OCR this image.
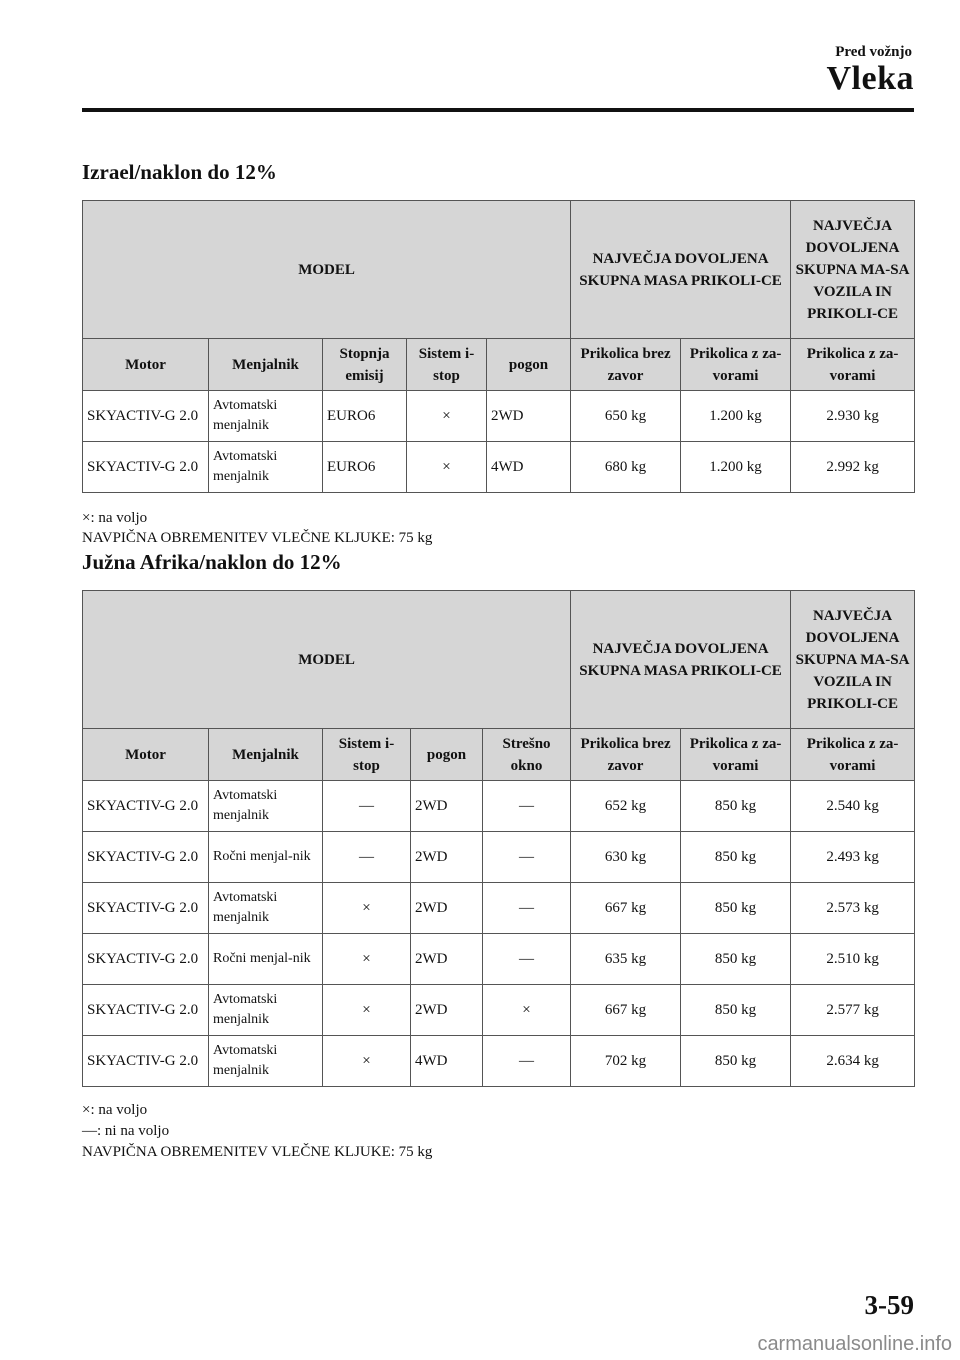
Pred vožnjo
Vleka
Izrael/naklon do 12%
MODEL					NAJVEČJA DOVOLJENA SKUPNA MASA PRIKOLI-CE		NAJVEČJA DOVOLJENA SKUPNA MA-SA VOZILA IN PRIKOLI-CE
Motor	Menjalnik	Stopnja emisij	Sistem i-stop	pogon	Prikolica brez zavor	Prikolica z za-vorami	Prikolica z za-vorami
SKYACTIV-G 2.0	Avtomatski menjalnik	EURO6	×	2WD	650 kg	1.200 kg	2.930 kg
SKYACTIV-G 2.0	Avtomatski menjalnik	EURO6	×	4WD	680 kg	1.200 kg	2.992 kg
×: na voljo
NAVPIČNA OBREMENITEV VLEČNE KLJUKE: 75 kg
Južna Afrika/naklon do 12%
MODEL					NAJVEČJA DOVOLJENA SKUPNA MASA PRIKOLI-CE		NAJVEČJA DOVOLJENA SKUPNA MA-SA VOZILA IN PRIKOLI-CE
Motor	Menjalnik	Sistem i-stop	pogon	Strešno okno	Prikolica brez zavor	Prikolica z za-vorami	Prikolica z za-vorami
SKYACTIV-G 2.0	Avtomatski menjalnik	—	2WD	—	652 kg	850 kg	2.540 kg
SKYACTIV-G 2.0	Ročni menjal-nik	—	2WD	—	630 kg	850 kg	2.493 kg
SKYACTIV-G 2.0	Avtomatski menjalnik	×	2WD	—	667 kg	850 kg	2.573 kg
SKYACTIV-G 2.0	Ročni menjal-nik	×	2WD	—	635 kg	850 kg	2.510 kg
SKYACTIV-G 2.0	Avtomatski menjalnik	×	2WD	×	667 kg	850 kg	2.577 kg
SKYACTIV-G 2.0	Avtomatski menjalnik	×	4WD	—	702 kg	850 kg	2.634 kg
×: na voljo
—: ni na voljo
NAVPIČNA OBREMENITEV VLEČNE KLJUKE: 75 kg
3-59
carmanualsonline.info
